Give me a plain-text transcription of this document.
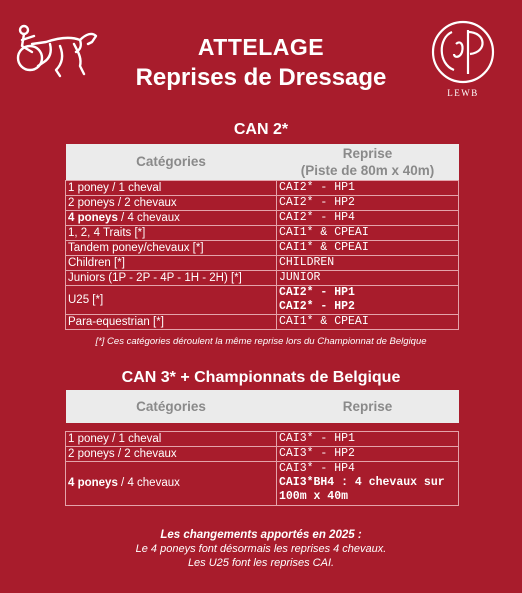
LEWB
ATTELAGE
Reprises de Dressage
CAN 2*
Catégories	Reprise
(Piste de 80m x 40m)

1 poney / 1 cheval	CAI2* - HP1
2 poneys / 2 chevaux	CAI2* - HP2
4 poneys / 4 chevaux	CAI2* - HP4
1, 2, 4 Traits [*]	CAI1* & CPEAI
Tandem poney/chevaux [*]	CAI1* & CPEAI
Children [*]	CHILDREN
Juniors (1P - 2P - 4P - 1H - 2H) [*]	JUNIOR
U25 [*]	CAI2* - HP1
CAI2* - HP2

Para-equestrian [*]	CAI1* & CPEAI
[*] Ces catégories déroulent la même reprise lors du Championnat de Belgique
CAN 3* + Championnats de Belgique
Catégories	Reprise

1 poney / 1 cheval	CAI3* - HP1
2 poneys / 2 chevaux	CAI3* - HP2
4 poneys / 4 chevaux	CAI3* - HP4
CAI3*BH4 : 4 chevaux sur
100m x 40m
Les changements apportés en 2025 :
Le 4 poneys font désormais les reprises 4 chevaux.
Les U25 font les reprises CAI.
